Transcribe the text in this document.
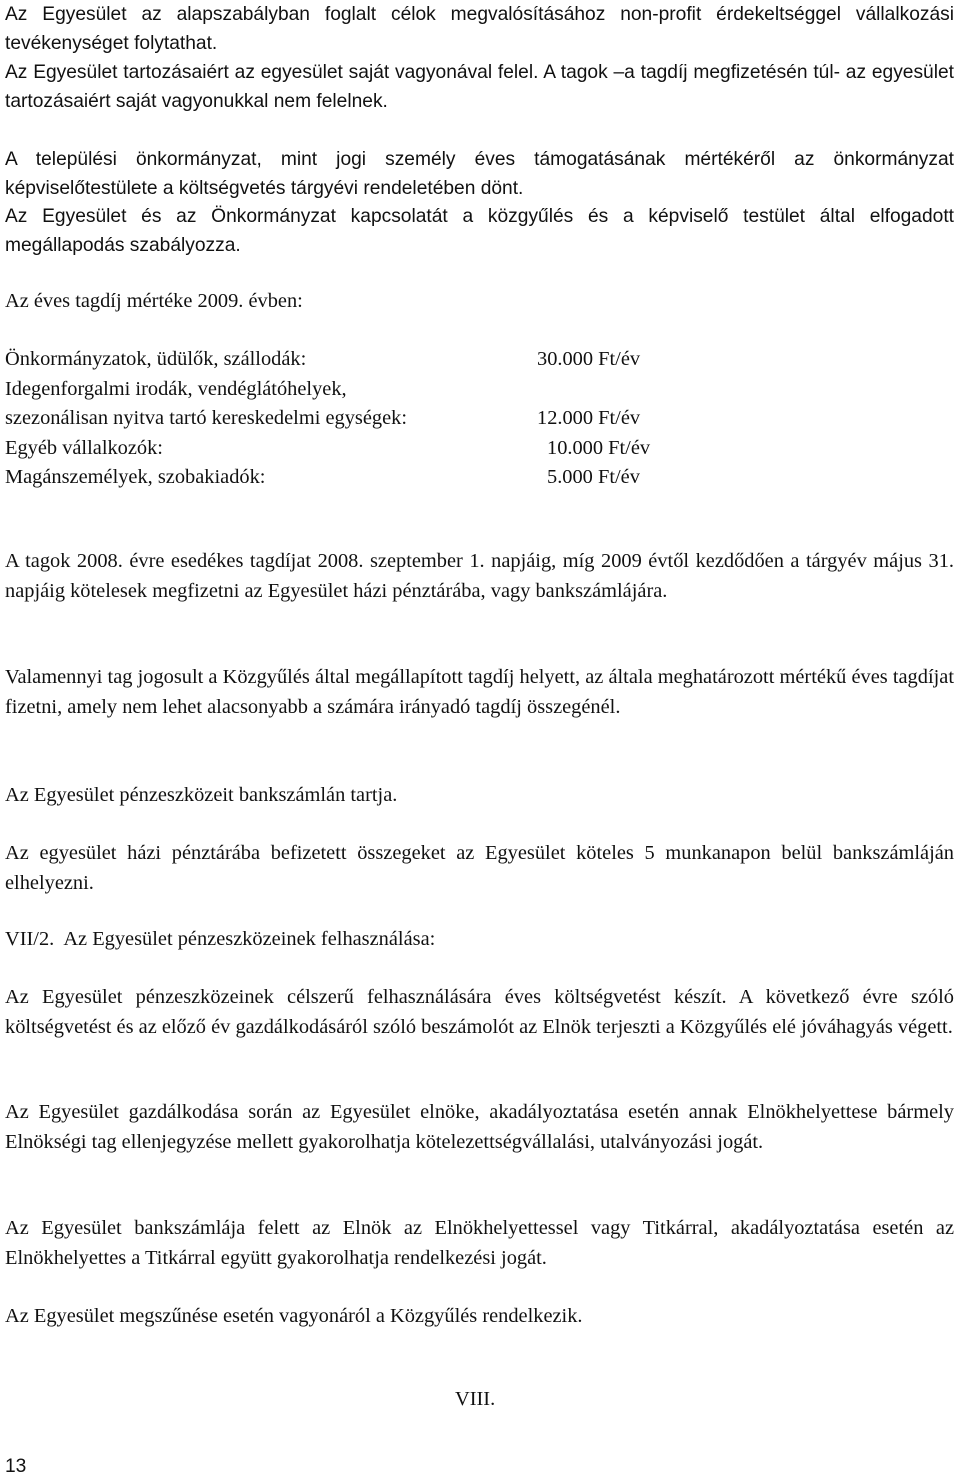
Az Egyesület az alapszabályban foglalt célok megvalósításához non-profit érdekeltséggel vállalkozási tevékenységet folytathat.

Az Egyesület tartozásaiért az egyesület saját vagyonával felel. A tagok –a tagdíj megfizetésén túl- az egyesület tartozásaiért saját vagyonukkal nem felelnek.

A települési önkormányzat, mint jogi személy éves támogatásának mértékéről az önkormányzat képviselőtestülete a költségvetés tárgyévi rendeletében dönt.

Az Egyesület és az Önkormányzat kapcsolatát a közgyűlés és a képviselő testület által elfogadott megállapodás szabályozza.

Az éves tagdíj mértéke 2009. évben:

Önkormányzatok, üdülők, szállodák:	30.000 Ft/év
Idegenforgalmi irodák, vendéglátóhelyek,
szezonálisan nyitva tartó kereskedelmi egységek:	12.000 Ft/év
Egyéb vállalkozók:	10.000 Ft/év
Magánszemélyek, szobakiadók:	5.000 Ft/év

A tagok 2008. évre esedékes tagdíjat 2008. szeptember 1. napjáig, míg 2009 évtől kezdődően a tárgyév május 31. napjáig kötelesek megfizetni az Egyesület házi pénztárába, vagy bankszámlájára.

Valamennyi tag jogosult a Közgyűlés által megállapított tagdíj helyett, az általa meghatározott mértékű éves tagdíjat fizetni, amely nem lehet alacsonyabb a számára irányadó tagdíj összegénél.

Az Egyesület pénzeszközeit bankszámlán tartja.

Az egyesület házi pénztárába befizetett összegeket az Egyesület köteles 5 munkanapon belül bankszámláján elhelyezni.

VII/2.  Az Egyesület pénzeszközeinek felhasználása:

Az Egyesület pénzeszközeinek célszerű felhasználására éves költségvetést készít. A következő évre szóló költségvetést és az előző év gazdálkodásáról szóló beszámolót az Elnök terjeszti a Közgyűlés elé jóváhagyás végett.

Az Egyesület gazdálkodása során az Egyesület elnöke, akadályoztatása esetén annak Elnökhelyettese bármely Elnökségi tag ellenjegyzése mellett gyakorolhatja kötelezettségvállalási, utalványozási jogát.

Az Egyesület bankszámlája felett az Elnök az Elnökhelyettessel vagy Titkárral, akadályoztatása esetén az Elnökhelyettes a Titkárral együtt gyakorolhatja rendelkezési jogát.

Az Egyesület megszűnése esetén vagyonáról a Közgyűlés rendelkezik.

VIII.
13
